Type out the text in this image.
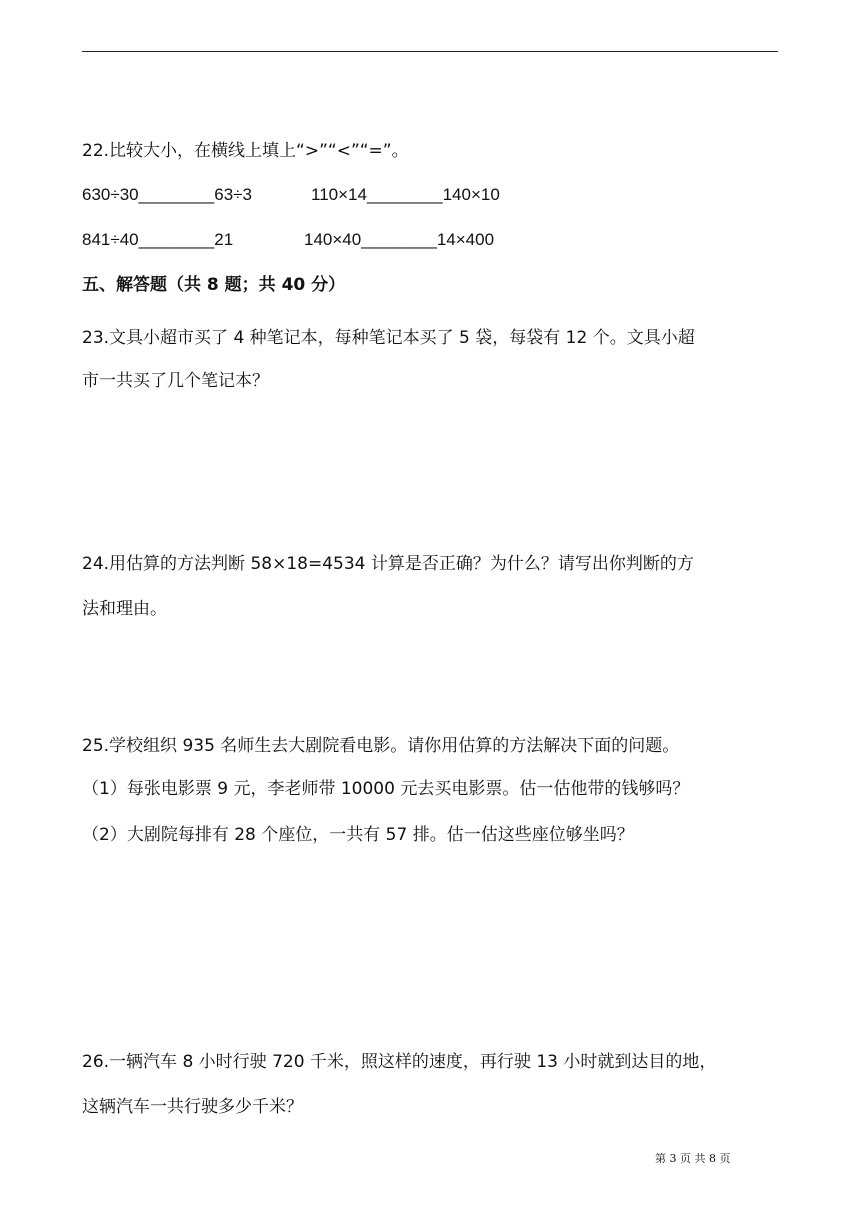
22.比较大小，在横线上填上“>”“<”“=”。
630÷30________63÷3	110×14________140×10
841÷40________21	140×40________14×400
五、解答题（共 8 题；共 40 分）
23.文具小超市买了 4 种笔记本，每种笔记本买了 5 袋，每袋有 12 个。文具小超
市一共买了几个笔记本？
24.用估算的方法判断 58×18=4534 计算是否正确？为什么？请写出你判断的方
法和理由。
25.学校组织 935 名师生去大剧院看电影。请你用估算的方法解决下面的问题。
（1）每张电影票 9 元，李老师带 10000 元去买电影票。估一估他带的钱够吗？
（2）大剧院每排有 28 个座位，一共有 57 排。估一估这些座位够坐吗？
26.一辆汽车 8 小时行驶 720 千米，照这样的速度，再行驶 13 小时就到达目的地，
这辆汽车一共行驶多少千米？
第 3 页 共 8 页
